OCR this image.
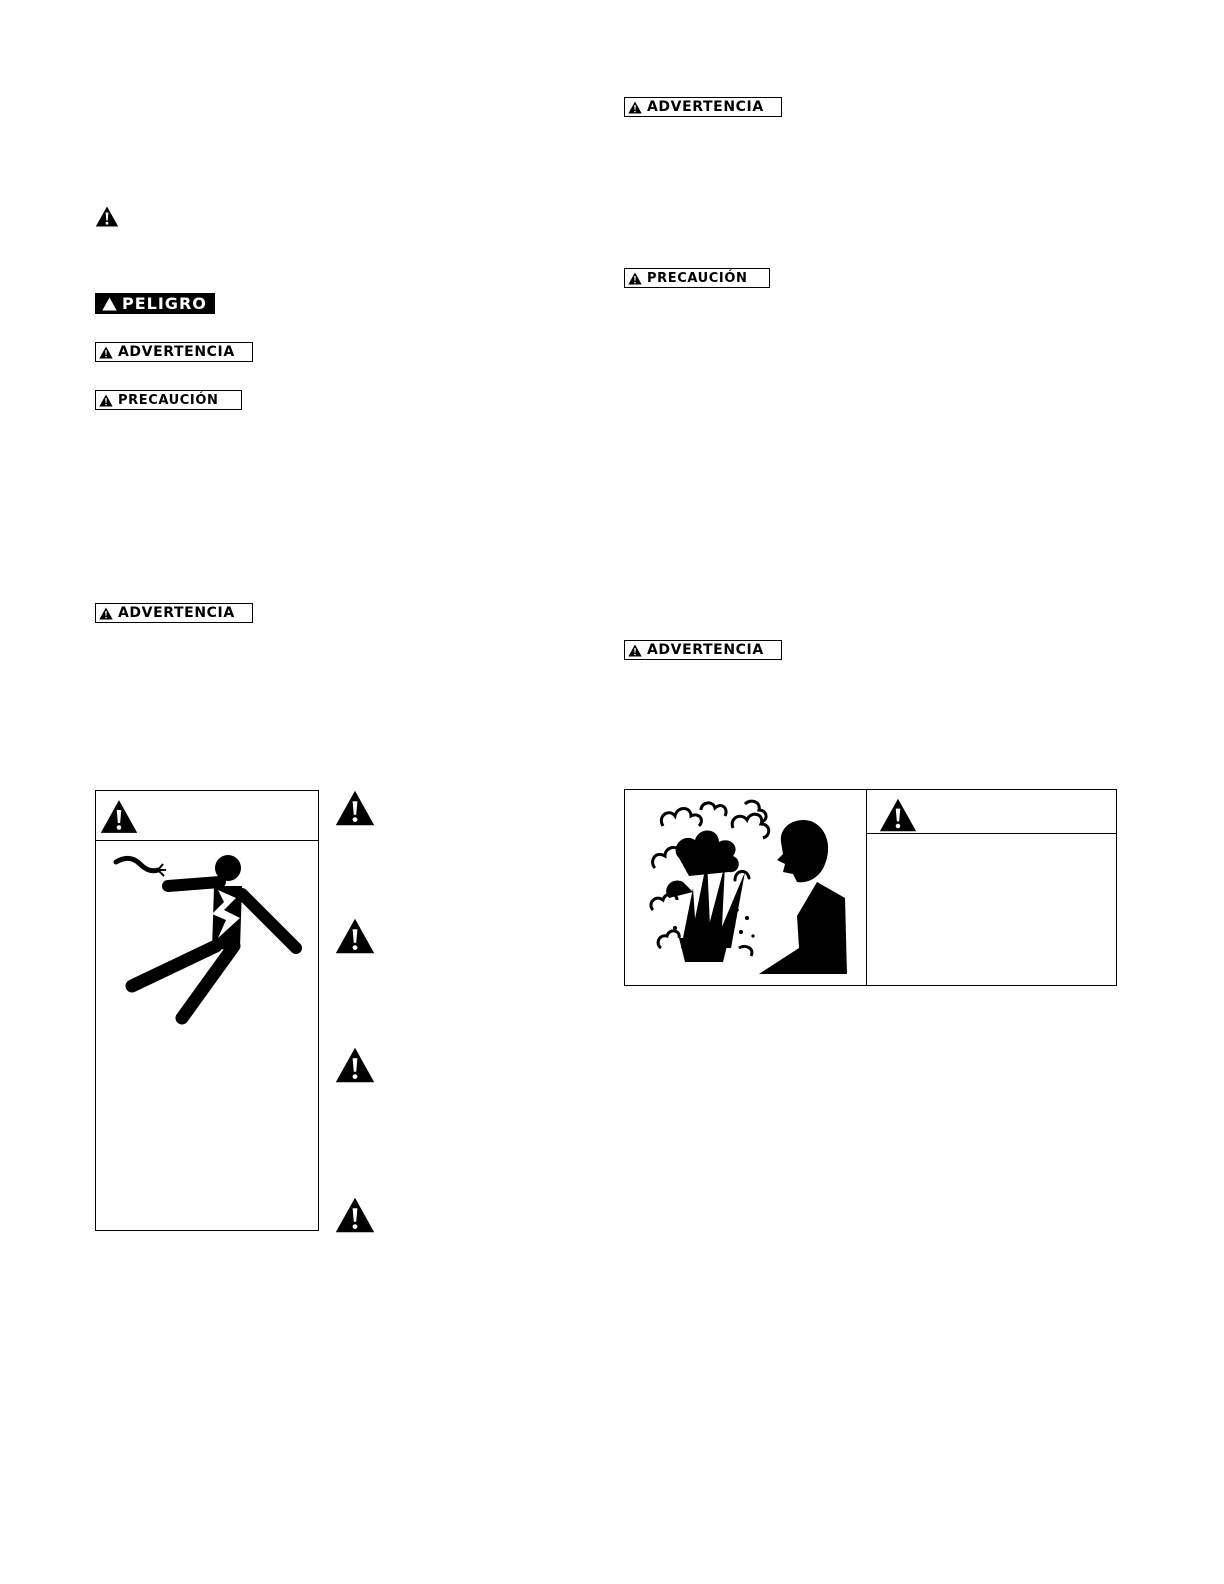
PELIGRO
ADVERTENCIA
PRECAUCIÓN
ADVERTENCIA
ADVERTENCIA
PRECAUCIÓN
ADVERTENCIA
